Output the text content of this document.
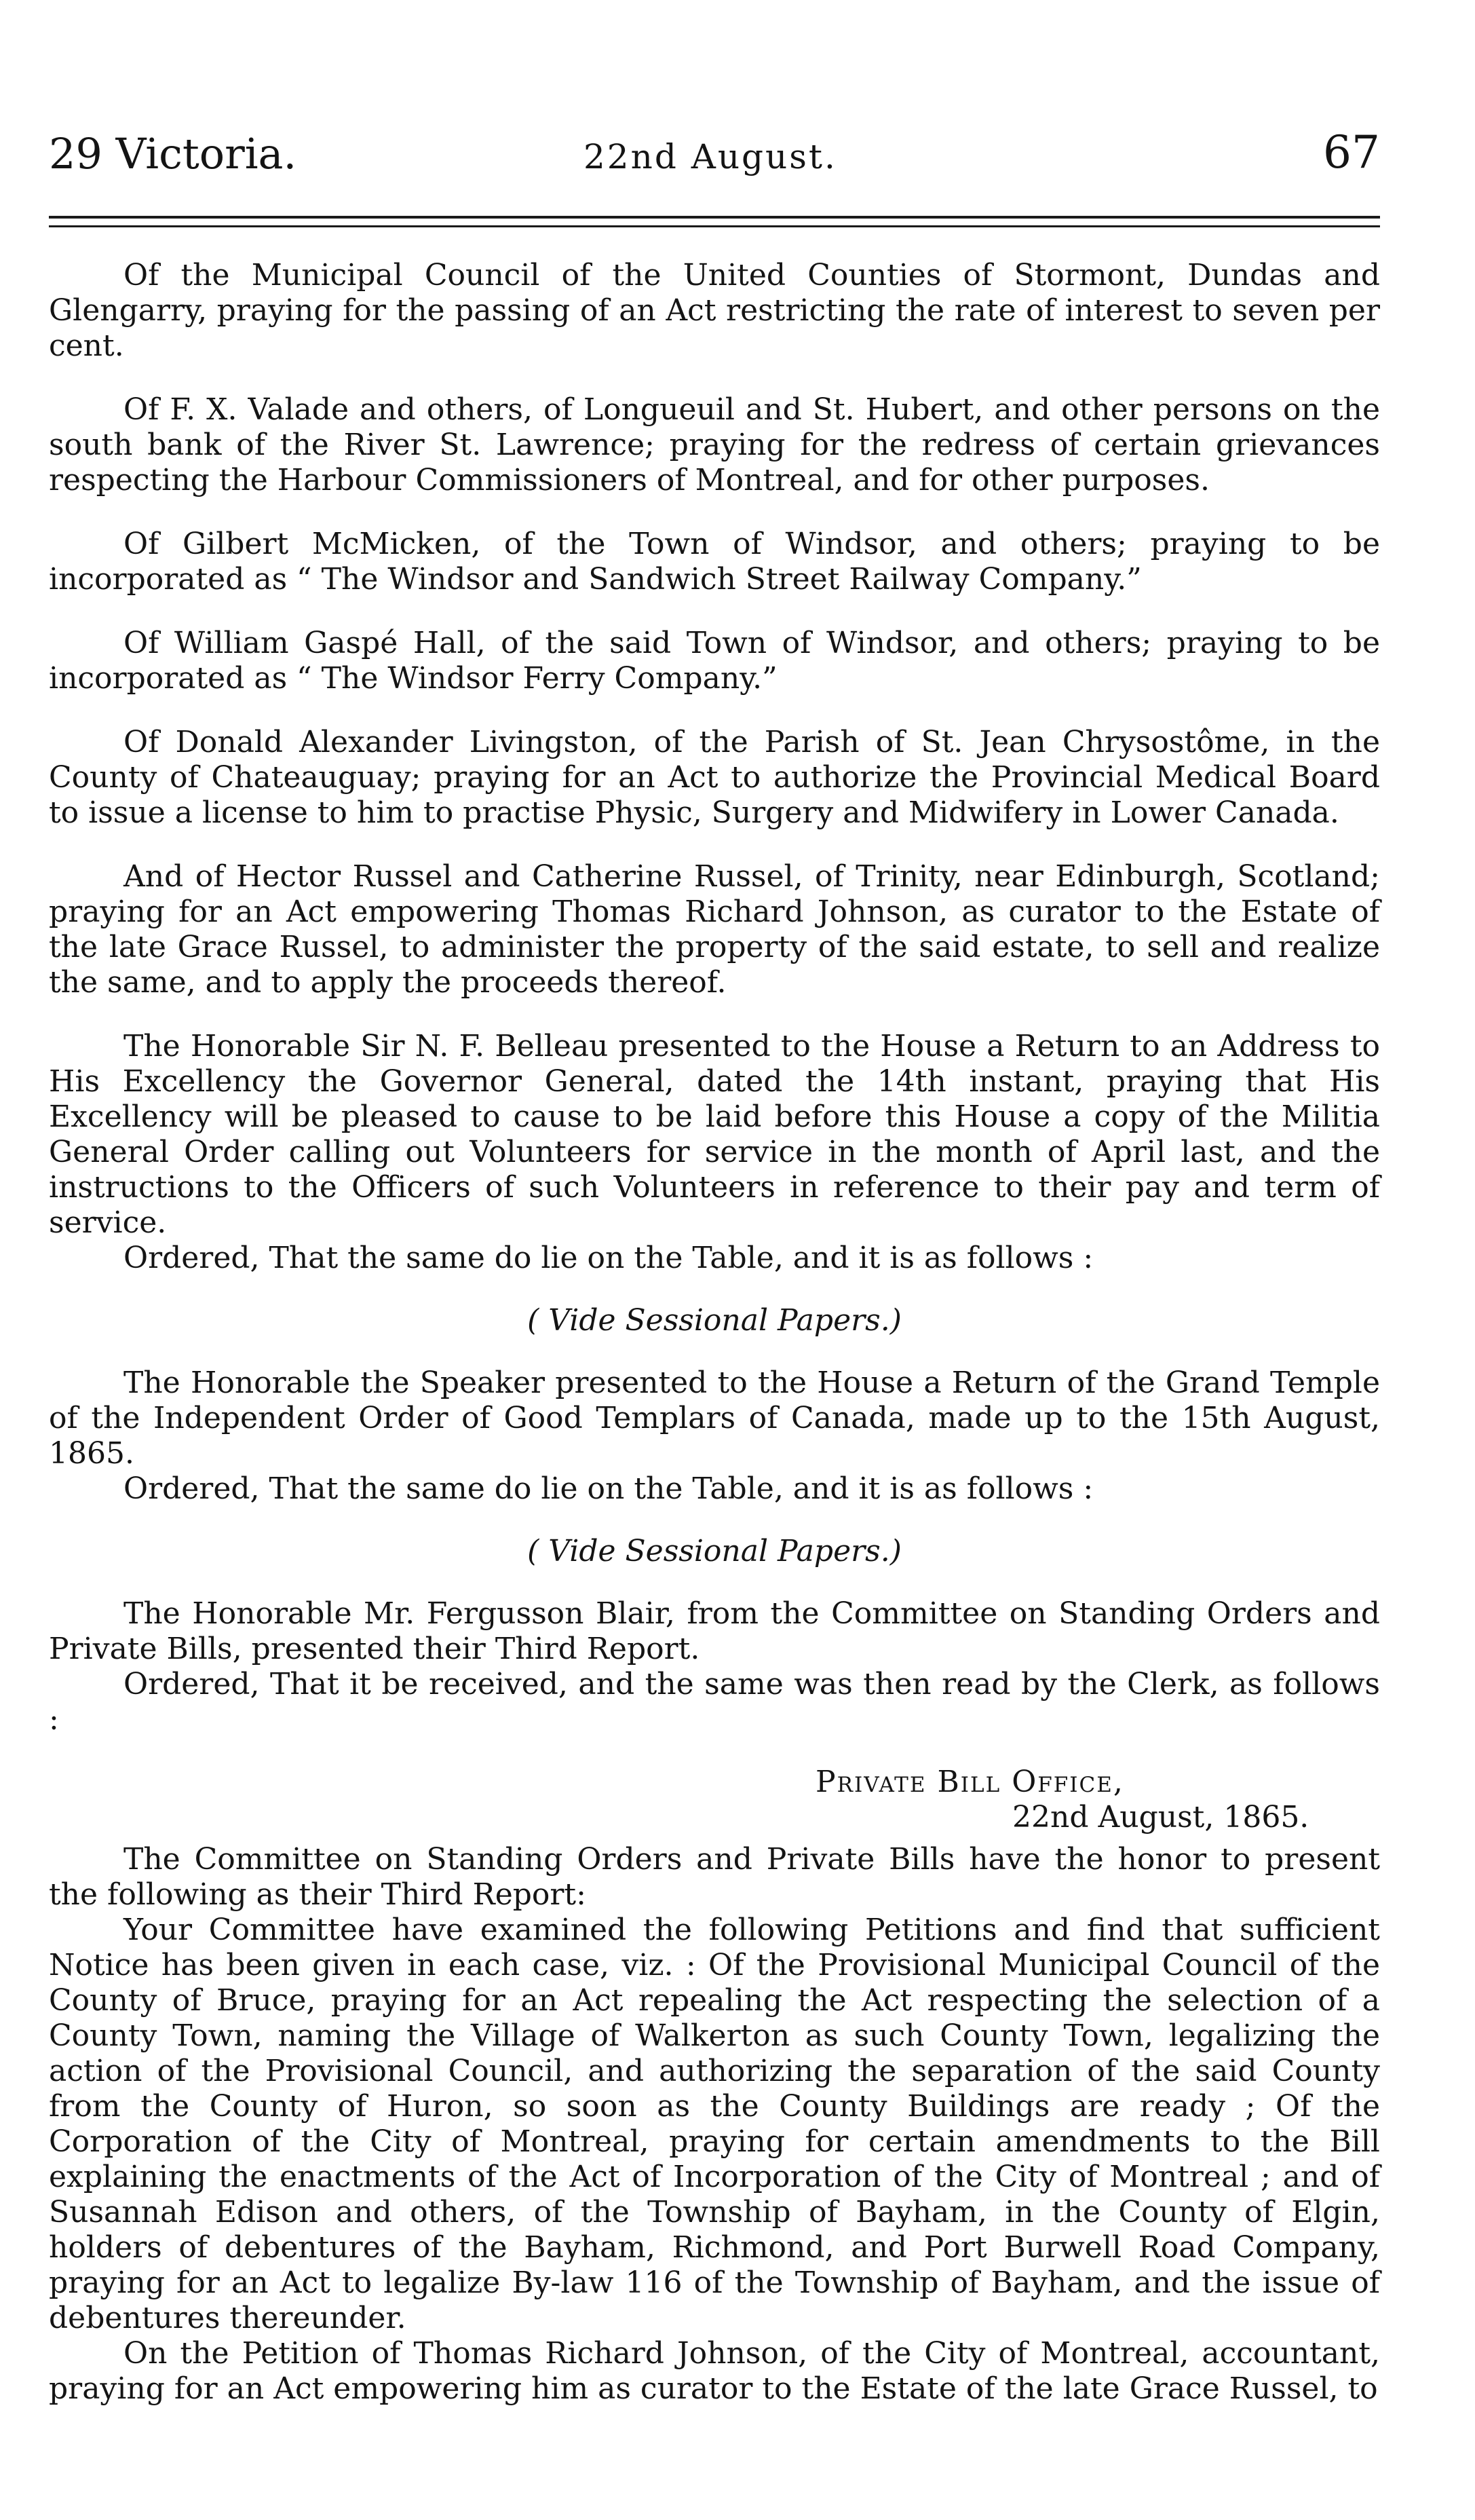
29 Victoria.	22nd August.	67

Of the Municipal Council of the United Counties of Stormont, Dundas and Glengarry, praying for the passing of an Act restricting the rate of interest to seven per cent.

Of F. X. Valade and others, of Longueuil and St. Hubert, and other persons on the south bank of the River St. Lawrence; praying for the redress of certain grievances respecting the Harbour Commissioners of Montreal, and for other purposes.

Of Gilbert McMicken, of the Town of Windsor, and others; praying to be incorporated as “ The Windsor and Sandwich Street Railway Company.”

Of William Gaspé Hall, of the said Town of Windsor, and others; praying to be incorporated as “ The Windsor Ferry Company.”

Of Donald Alexander Livingston, of the Parish of St. Jean Chrysostôme, in the County of Chateauguay; praying for an Act to authorize the Provincial Medical Board to issue a license to him to practise Physic, Surgery and Midwifery in Lower Canada.

And of Hector Russel and Catherine Russel, of Trinity, near Edinburgh, Scotland; praying for an Act empowering Thomas Richard Johnson, as curator to the Estate of the late Grace Russel, to administer the property of the said estate, to sell and realize the same, and to apply the proceeds thereof.

The Honorable Sir N. F. Belleau presented to the House a Return to an Address to His Excellency the Governor General, dated the 14th instant, praying that His Excellency will be pleased to cause to be laid before this House a copy of the Militia General Order calling out Volunteers for service in the month of April last, and the instructions to the Officers of such Volunteers in reference to their pay and term of service.

Ordered, That the same do lie on the Table, and it is as follows :

( Vide Sessional Papers.)

The Honorable the Speaker presented to the House a Return of the Grand Temple of the Independent Order of Good Templars of Canada, made up to the 15th August, 1865.

Ordered, That the same do lie on the Table, and it is as follows :

( Vide Sessional Papers.)

The Honorable Mr. Fergusson Blair, from the Committee on Standing Orders and Private Bills, presented their Third Report.

Ordered, That it be received, and the same was then read by the Clerk, as follows :

Private Bill Office,

22nd August, 1865.

The Committee on Standing Orders and Private Bills have the honor to present the following as their Third Report:

Your Committee have examined the following Petitions and find that sufficient Notice has been given in each case, viz. : Of the Provisional Municipal Council of the County of Bruce, praying for an Act repealing the Act respecting the selection of a County Town, naming the Village of Walkerton as such County Town, legalizing the action of the Provisional Council, and authorizing the separation of the said County from the County of Huron, so soon as the County Buildings are ready ; Of the Corporation of the City of Montreal, praying for certain amendments to the Bill explaining the enactments of the Act of Incorporation of the City of Montreal ; and of Susannah Edison and others, of the Township of Bayham, in the County of Elgin, holders of debentures of the Bayham, Richmond, and Port Burwell Road Company, praying for an Act to legalize By-law 116 of the Township of Bayham, and the issue of debentures thereunder.

On the Petition of Thomas Richard Johnson, of the City of Montreal, accountant, praying for an Act empowering him as curator to the Estate of the late Grace Russel, to
